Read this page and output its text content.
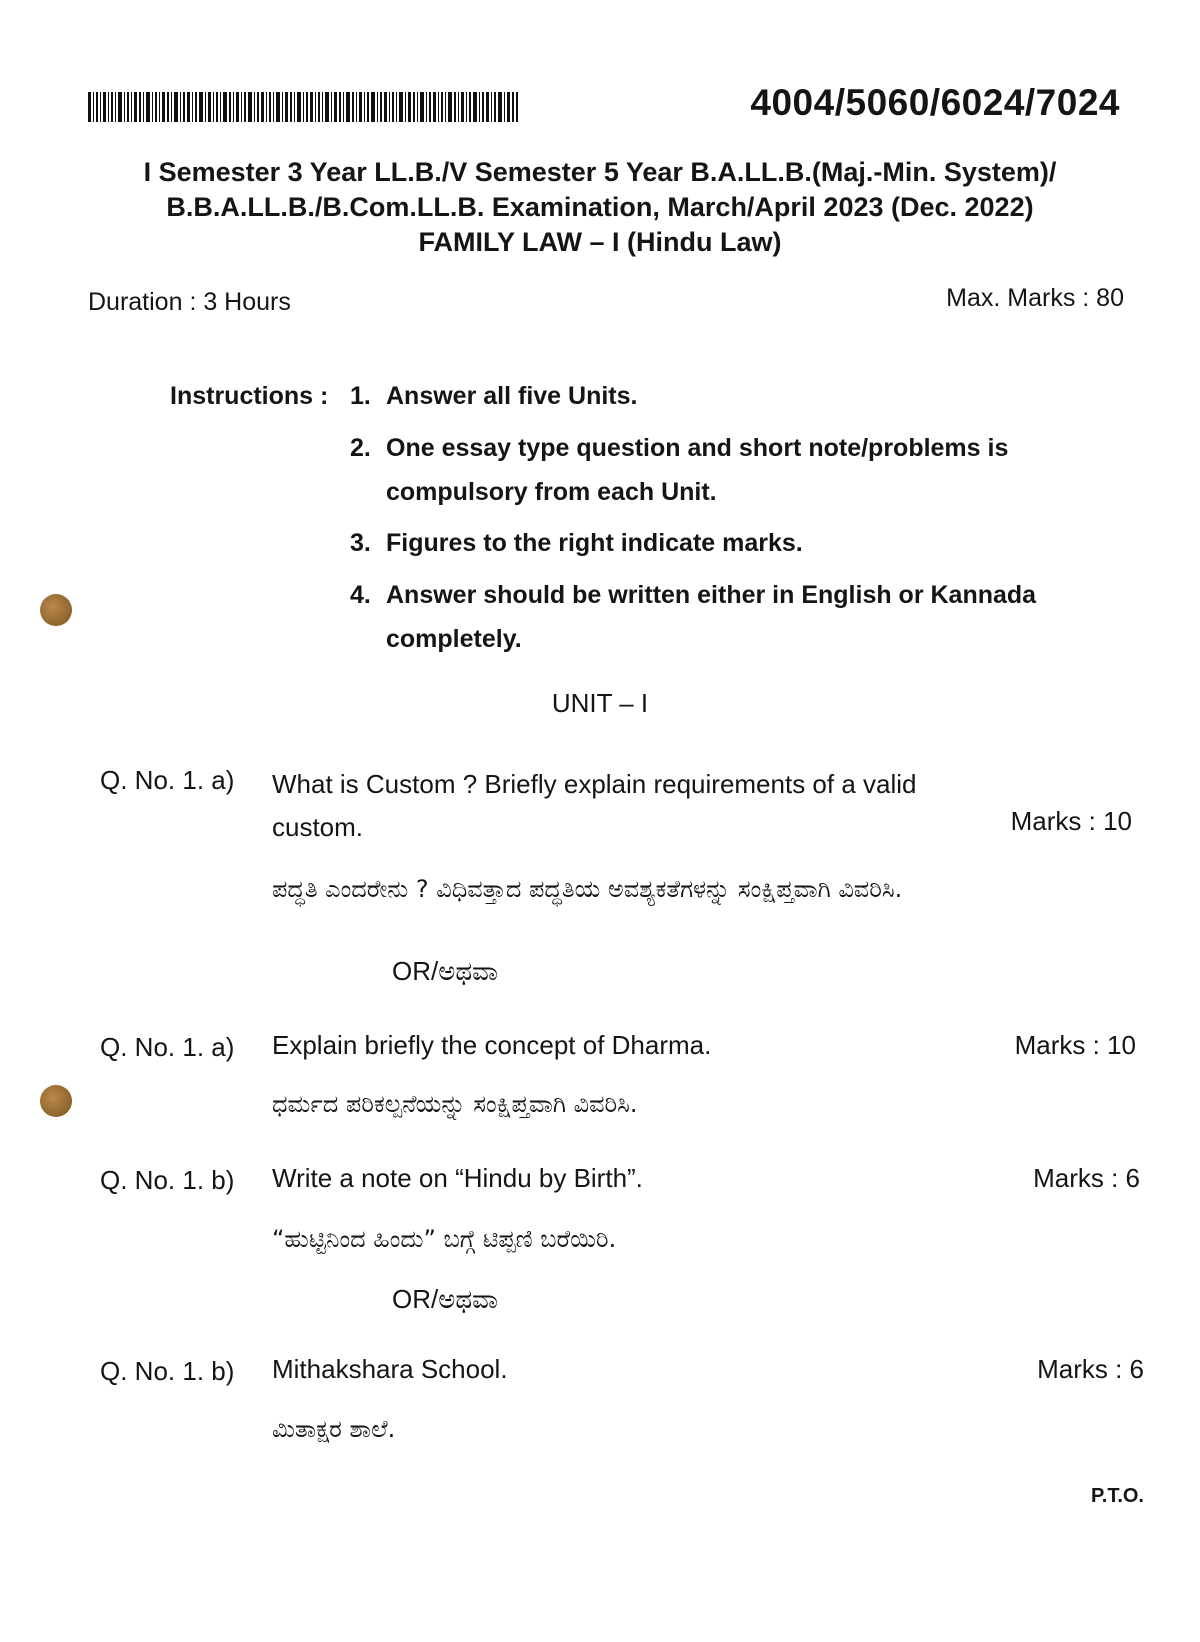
4004/5060/6024/7024
I Semester 3 Year LL.B./V Semester 5 Year B.A.LL.B.(Maj.-Min. System)/
B.B.A.LL.B./B.Com.LL.B. Examination, March/April 2023 (Dec. 2022)
FAMILY LAW – I (Hindu Law)
Duration : 3 Hours	Max. Marks : 80
Instructions : 1. Answer all five Units.
2. One essay type question and short note/problems is compulsory from each Unit.
3. Figures to the right indicate marks.
4. Answer should be written either in English or Kannada completely.
UNIT – I
Q. No. 1. a) What is Custom ? Briefly explain requirements of a valid custom.	Marks : 10
ಪದ್ಧತಿ ಎಂದರೇನು ? ವಿಧಿವತ್ತಾದ ಪದ್ಧತಿಯ ಅವಶ್ಯಕತೆಗಳನ್ನು ಸಂಕ್ಷಿಪ್ತವಾಗಿ ವಿವರಿಸಿ.
OR/ಅಥವಾ
Q. No. 1. a) Explain briefly the concept of Dharma.	Marks : 10
ಧರ್ಮದ ಪರಿಕಲ್ಪನೆಯನ್ನು ಸಂಕ್ಷಿಪ್ತವಾಗಿ ವಿವರಿಸಿ.
Q. No. 1. b) Write a note on “Hindu by Birth”.	Marks : 6
“ಹುಟ್ಟಿನಿಂದ ಹಿಂದು” ಬಗ್ಗೆ ಟಿಪ್ಪಣಿ ಬರೆಯಿರಿ.
OR/ಅಥವಾ
Q. No. 1. b) Mithakshara School.	Marks : 6
ಮಿತಾಕ್ಷರ ಶಾಲೆ.
P.T.O.
